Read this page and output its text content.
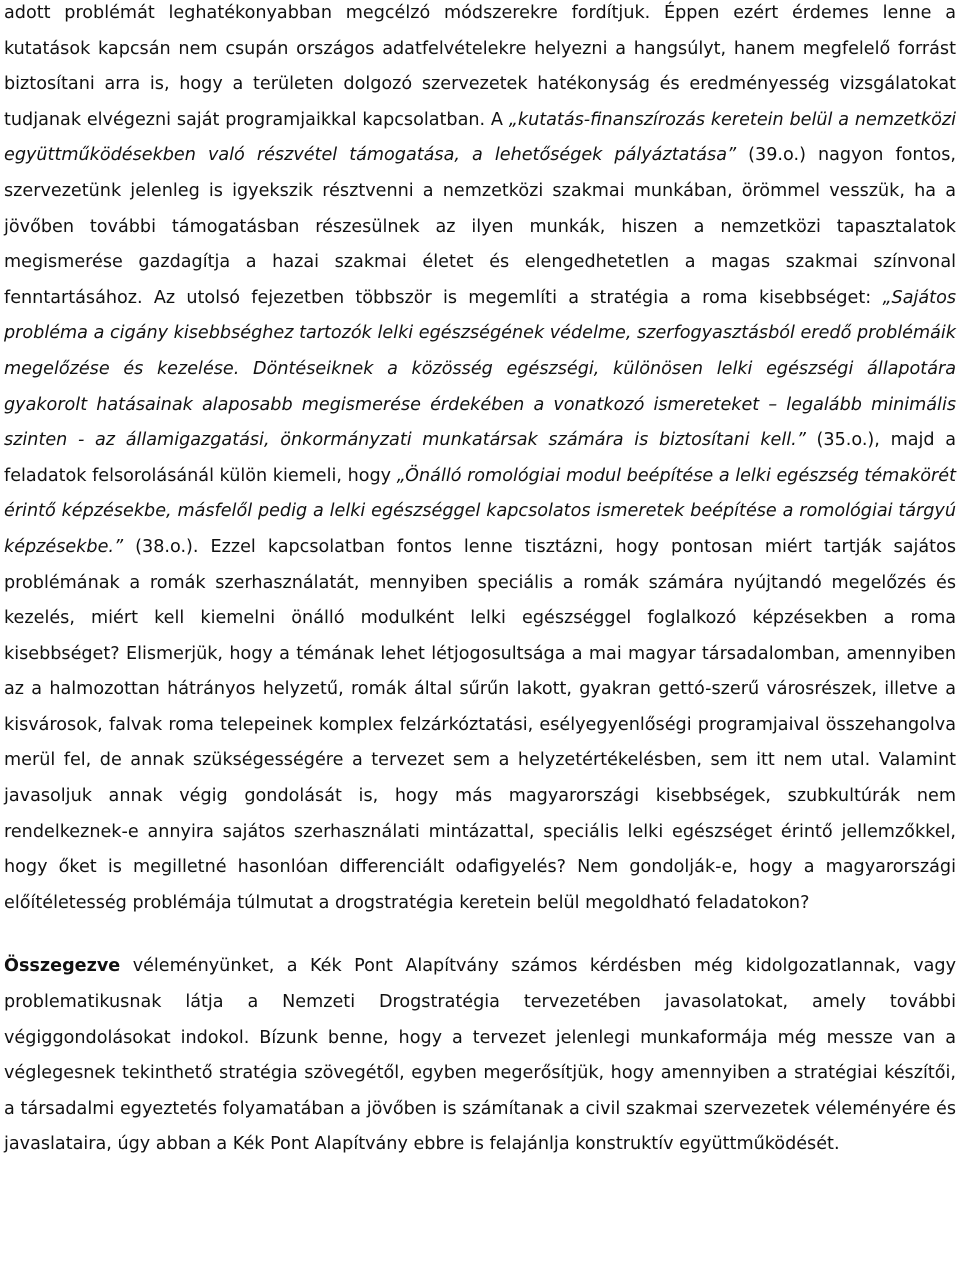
adott problémát leghatékonyabban megcélzó módszerekre fordítjuk. Éppen ezért érdemes lenne a kutatások kapcsán nem csupán országos adatfelvételekre helyezni a hangsúlyt, hanem megfelelő forrást biztosítani arra is, hogy a területen dolgozó szervezetek hatékonyság és eredményesség vizsgálatokat tudjanak elvégezni saját programjaikkal kapcsolatban. A „kutatás-finanszírozás keretein belül a nemzetközi együttműködésekben való részvétel támogatása, a lehetőségek pályáztatása” (39.o.) nagyon fontos, szervezetünk jelenleg is igyekszik résztvenni a nemzetközi szakmai munkában, örömmel vesszük, ha a jövőben további támogatásban részesülnek az ilyen munkák, hiszen a nemzetközi tapasztalatok megismerése gazdagítja a hazai szakmai életet és elengedhetetlen a magas szakmai színvonal fenntartásához. Az utolsó fejezetben többször is megemlíti a stratégia a roma kisebbséget: „Sajátos probléma a cigány kisebbséghez tartozók lelki egészségének védelme, szerfogyasztásból eredő problémáik megelőzése és kezelése. Döntéseiknek a közösség egészségi, különösen lelki egészségi állapotára gyakorolt hatásainak alaposabb megismerése érdekében a vonatkozó ismereteket – legalább minimális szinten - az államigazgatási, önkormányzati munkatársak számára is biztosítani kell.” (35.o.), majd a feladatok felsorolásánál külön kiemeli, hogy „Önálló romológiai modul beépítése a lelki egészség témakörét érintő képzésekbe, másfelől pedig a lelki egészséggel kapcsolatos ismeretek beépítése a romológiai tárgyú képzésekbe.” (38.o.). Ezzel kapcsolatban fontos lenne tisztázni, hogy pontosan miért tartják sajátos problémának a romák szerhasználatát, mennyiben speciális a romák számára nyújtandó megelőzés és kezelés, miért kell kiemelni önálló modulként lelki egészséggel foglalkozó képzésekben a roma kisebbséget? Elismerjük, hogy a témának lehet létjogosultsága a mai magyar társadalomban, amennyiben az a halmozottan hátrányos helyzetű, romák által sűrűn lakott, gyakran gettó-szerű városrészek, illetve a kisvárosok, falvak roma telepeinek komplex felzárkóztatási, esélyegyenlőségi programjaival összehangolva merül fel, de annak szükségességére a tervezet sem a helyzetértékelésben, sem itt nem utal. Valamint javasoljuk annak végig gondolását is, hogy más magyarországi kisebbségek, szubkultúrák nem rendelkeznek-e annyira sajátos szerhasználati mintázattal, speciális lelki egészséget érintő jellemzőkkel, hogy őket is megilletné hasonlóan differenciált odafigyelés? Nem gondolják-e, hogy a magyarországi előítéletesség problémája túlmutat a drogstratégia keretein belül megoldható feladatokon?

Összegezve véleményünket, a Kék Pont Alapítvány számos kérdésben még kidolgozatlannak, vagy problematikusnak látja a Nemzeti Drogstratégia tervezetében javasolatokat, amely további végiggondolásokat indokol. Bízunk benne, hogy a tervezet jelenlegi munkaformája még messze van a véglegesnek tekinthető stratégia szövegétől, egyben megerősítjük, hogy amennyiben a stratégiai készítői, a társadalmi egyeztetés folyamatában a jövőben is számítanak a civil szakmai szervezetek véleményére és javaslataira, úgy abban a Kék Pont Alapítvány ebbre is felajánlja konstruktív együttműködését.
